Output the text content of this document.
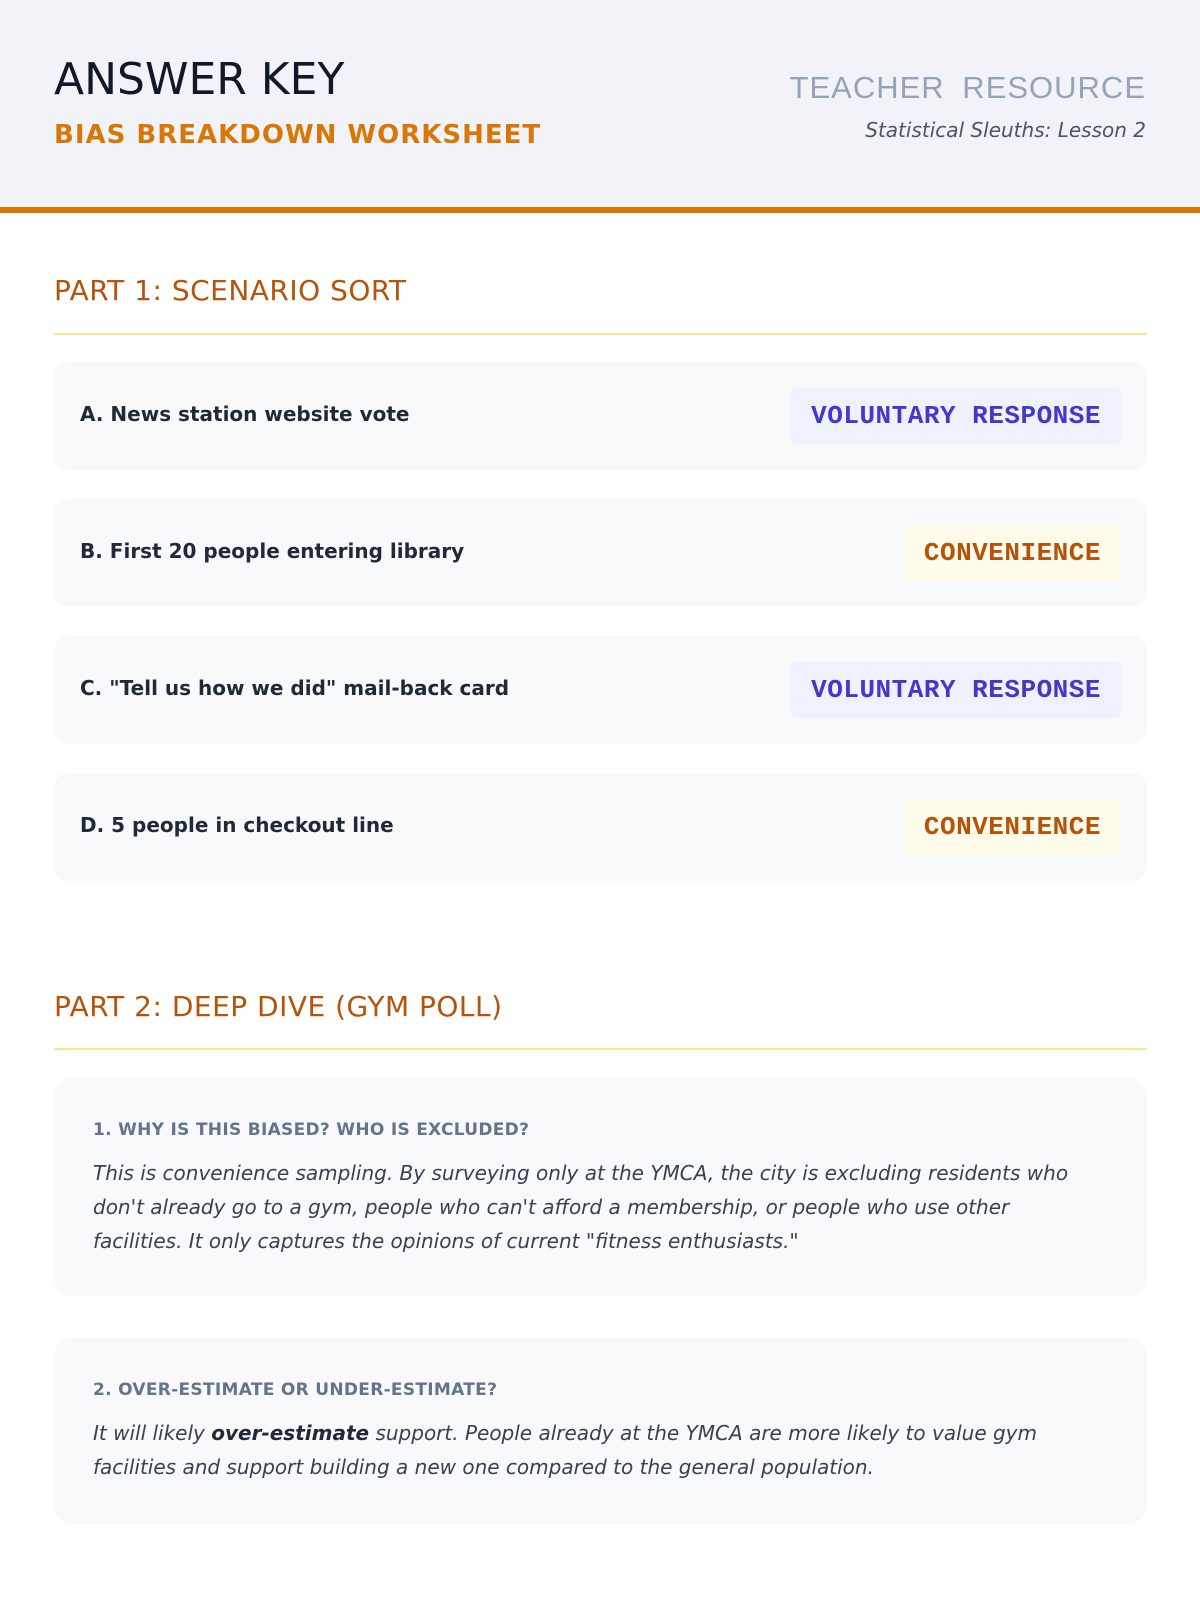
ANSWER KEY
BIAS BREAKDOWN WORKSHEET
TEACHER RESOURCE
Statistical Sleuths: Lesson 2
PART 1: SCENARIO SORT
A. News station website vote	VOLUNTARY RESPONSE
B. First 20 people entering library	CONVENIENCE
C. "Tell us how we did" mail-back card	VOLUNTARY RESPONSE
D. 5 people in checkout line	CONVENIENCE
PART 2: DEEP DIVE (GYM POLL)
1. WHY IS THIS BIASED? WHO IS EXCLUDED?
This is convenience sampling. By surveying only at the YMCA, the city is excluding residents who don't already go to a gym, people who can't afford a membership, or people who use other facilities. It only captures the opinions of current "fitness enthusiasts."
2. OVER-ESTIMATE OR UNDER-ESTIMATE?
It will likely over-estimate support. People already at the YMCA are more likely to value gym facilities and support building a new one compared to the general population.
